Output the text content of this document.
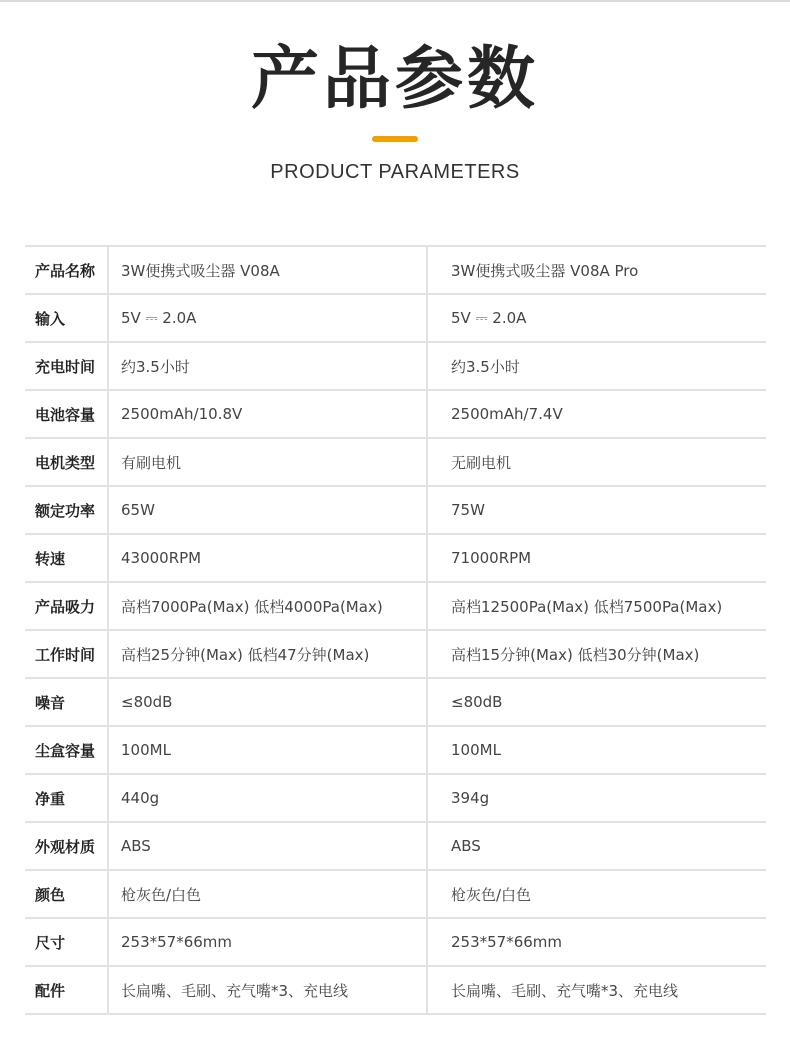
产品参数
PRODUCT PARAMETERS
产品名称	3W便携式吸尘器 V08A	3W便携式吸尘器 V08A Pro
输入	5V ⎓ 2.0A	5V ⎓ 2.0A
充电时间	约3.5小时	约3.5小时
电池容量	2500mAh/10.8V	2500mAh/7.4V
电机类型	有刷电机	无刷电机
额定功率	65W	75W
转速	43000RPM	71000RPM
产品吸力	高档7000Pa(Max) 低档4000Pa(Max)	高档12500Pa(Max) 低档7500Pa(Max)
工作时间	高档25分钟(Max) 低档47分钟(Max)	高档15分钟(Max) 低档30分钟(Max)
噪音	≤80dB	≤80dB
尘盒容量	100ML	100ML
净重	440g	394g
外观材质	ABS	ABS
颜色	枪灰色/白色	枪灰色/白色
尺寸	253*57*66mm	253*57*66mm
配件	长扁嘴、毛刷、充气嘴*3、充电线	长扁嘴、毛刷、充气嘴*3、充电线
